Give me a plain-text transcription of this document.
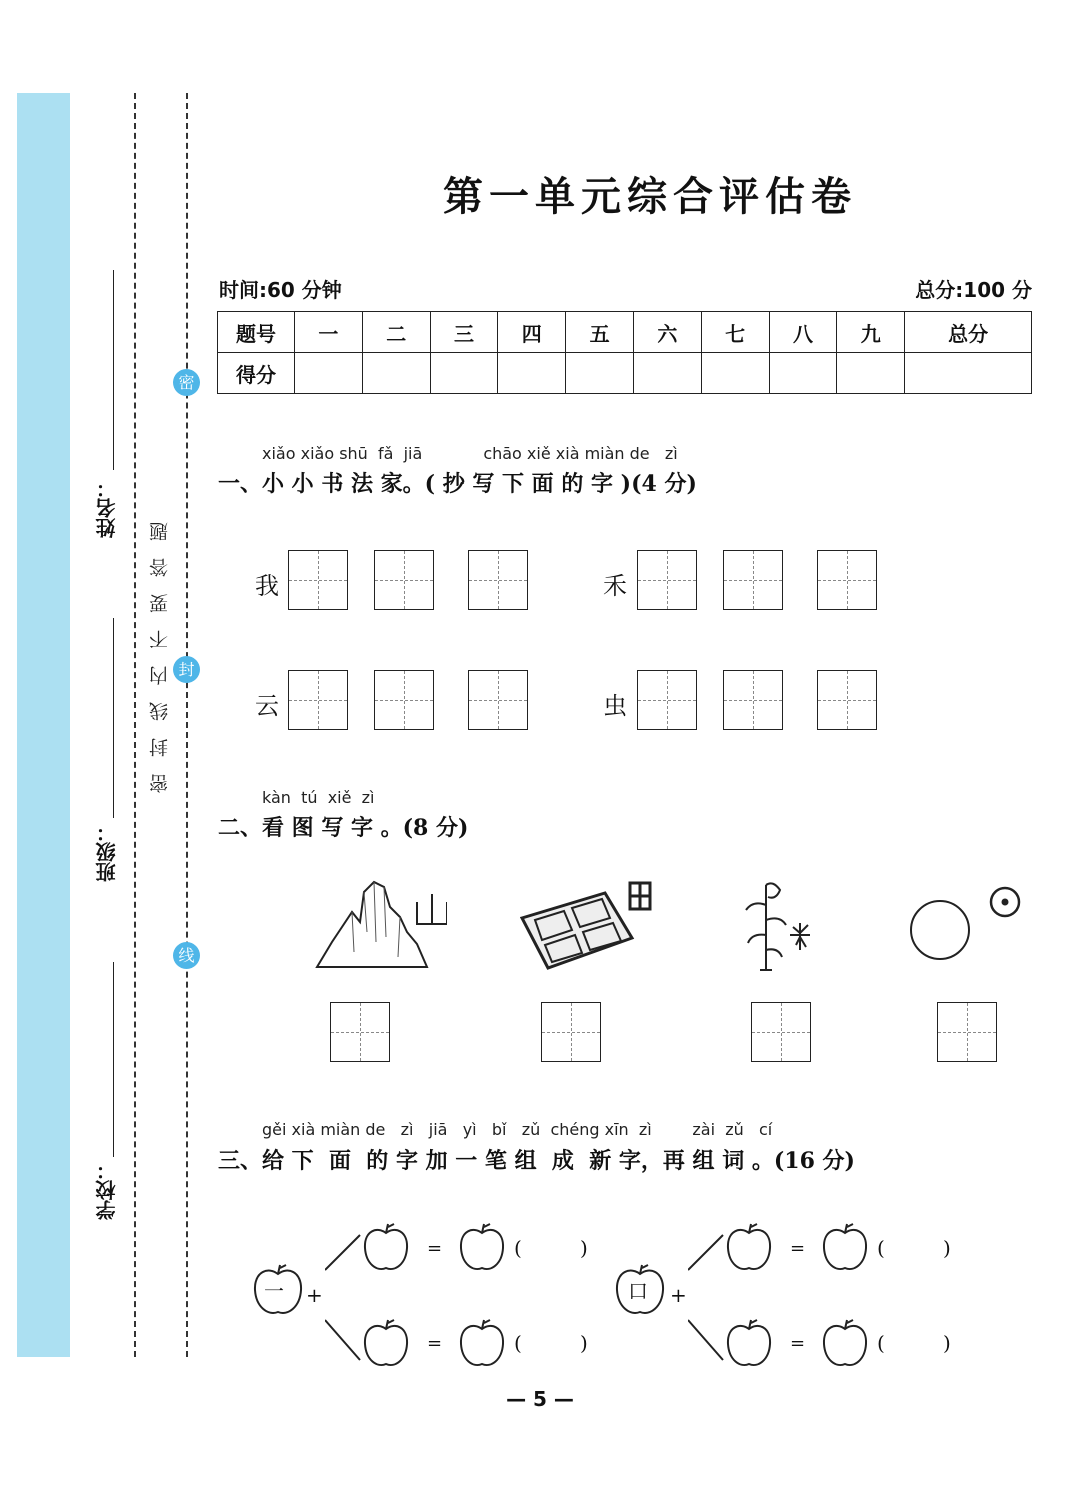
姓名：
班级：
学校：
密封线内不要答题
密
封
线
第一单元综合评估卷
时间:60 分钟	总分:100 分
题号	一	二	三	四	五	六	七	八	九	总分
得分										
xiǎo xiǎo shū  fǎ  jiā            chāo xiě xià miàn de   zì
一、小 小 书 法 家。( 抄 写 下 面 的 字 )(4 分)
我	禾
云	虫
kàn  tú  xiě  zì
二、看 图 写 字 。(8 分)
gěi xià miàn de   zì   jiā   yì   bǐ   zǔ  chéng xīn  zì        zài  zǔ   cí
三、给 下  面  的 字 加 一 笔 组  成  新 字，再 组 词 。(16 分)
一 +
=	(	)
=	(	)
口 +
=	(	)
=	(	)
— 5 —
